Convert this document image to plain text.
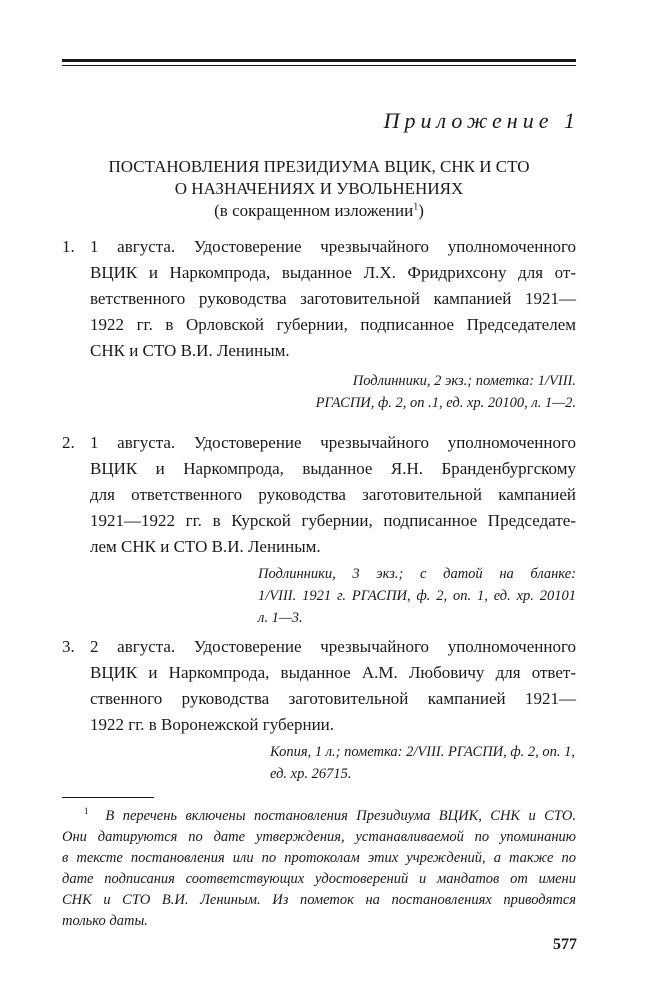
Приложение 1
ПОСТАНОВЛЕНИЯ ПРЕЗИДИУМА ВЦИК, СНК И СТО
О НАЗНАЧЕНИЯХ И УВОЛЬНЕНИЯХ
(в сокращенном изложении$^1$)
1. 1 августа. Удостоверение чрезвычайного уполномоченного
ВЦИК и Наркомпрода, выданное Л.Х. Фридрихсону для от-
ветственного руководства заготовительной кампанией 1921—
1922 гг. в Орловской губернии, подписанное Председателем
СНК и СТО В.И. Лениным.
Подлинники, 2 экз.; пометка: 1/VIII.
РГАСПИ, ф. 2, оп .1, ед. хр. 20100, л. 1—2.
2. 1 августа. Удостоверение чрезвычайного уполномоченного
ВЦИК и Наркомпрода, выданное Я.Н. Бранденбургскому
для ответственного руководства заготовительной кампанией
1921—1922 гг. в Курской губернии, подписанное Председате-
лем СНК и СТО В.И. Лениным.
Подлинники, 3 экз.; с датой на бланке:
1/VIII. 1921 г. РГАСПИ, ф. 2, оп. 1, ед. хр. 20101
л. 1—3.
3. 2 августа. Удостоверение чрезвычайного уполномоченного
ВЦИК и Наркомпрода, выданное А.М. Любовичу для ответ-
ственного руководства заготовительной кампанией 1921—
1922 гг. в Воронежской губернии.
Копия, 1 л.; пометка: 2/VIII. РГАСПИ, ф. 2, оп. 1,
ед. хр. 26715.
$^1$ В перечень включены постановления Президиума ВЦИК, СНК и СТО.
Они датируются по дате утверждения, устанавливаемой по упоминанию
в тексте постановления или по протоколам этих учреждений, а также по
дате подписания соответствующих удостоверений и мандатов от имени
СНК и СТО В.И. Лениным. Из пометок на постановлениях приводятся
только даты.
577
